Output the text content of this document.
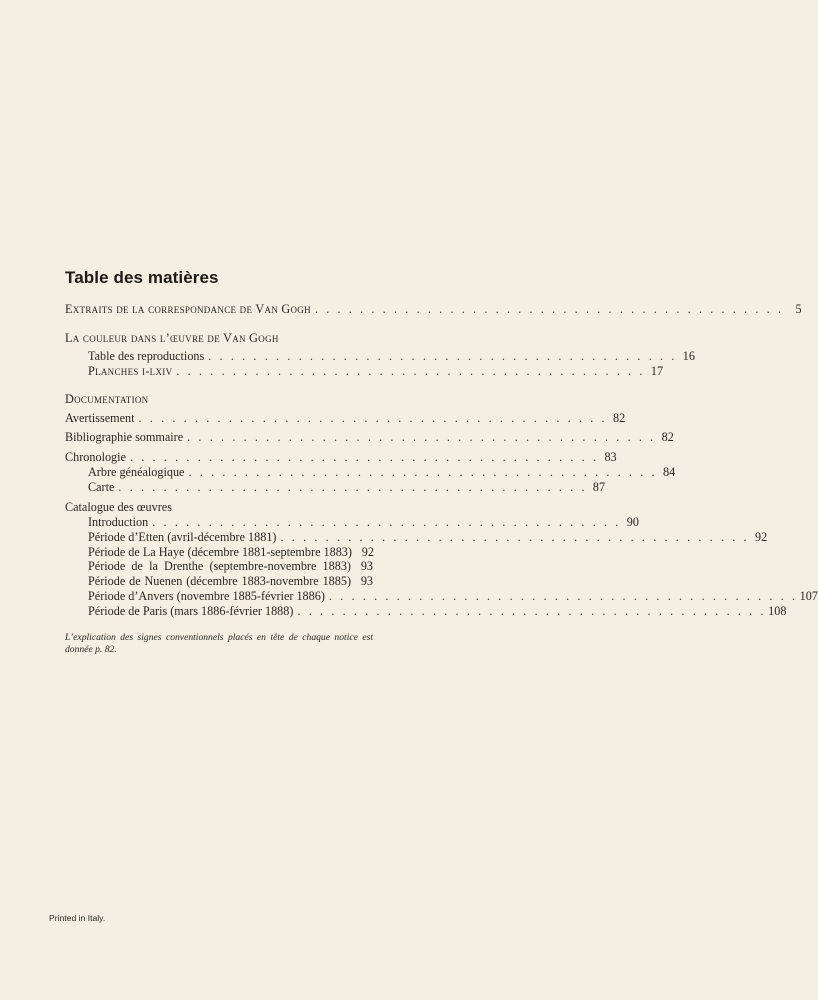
Table des matières
Extraits de la correspondance de Van Gogh . . . . . . . . . . . . . . . . . . . . . . . . . . . . . . . . . . . . . . . . . . 5
La couleur dans l’œuvre de Van Gogh
Table des reproductions . . . . . . . . . . . . . . . . . . . . . . . . . . . . . . . . . . . . . . . . . . 16
Planches i-lxiv . . . . . . . . . . . . . . . . . . . . . . . . . . . . . . . . . . . . . . . . . . 17
Documentation
Avertissement . . . . . . . . . . . . . . . . . . . . . . . . . . . . . . . . . . . . . . . . . . 82
Bibliographie sommaire . . . . . . . . . . . . . . . . . . . . . . . . . . . . . . . . . . . . . . . . . . 82
Chronologie . . . . . . . . . . . . . . . . . . . . . . . . . . . . . . . . . . . . . . . . . . 83
Arbre généalogique . . . . . . . . . . . . . . . . . . . . . . . . . . . . . . . . . . . . . . . . . . 84
Carte . . . . . . . . . . . . . . . . . . . . . . . . . . . . . . . . . . . . . . . . . . 87
Catalogue des œuvres
Introduction . . . . . . . . . . . . . . . . . . . . . . . . . . . . . . . . . . . . . . . . . . 90
Période d’Etten (avril-décembre 1881) . . . . . . . . . . . . . . . . . . . . . . . . . . . . . . . . . . . . . . . . . . 92
Période de La Haye (décembre 1881-septembre 1883) 92
Période de la Drenthe (septembre-novembre 1883) 93
Période de Nuenen (décembre 1883-novembre 1885) 93
Période d’Anvers (novembre 1885-février 1886) . . . . . . . . . . . . . . . . . . . . . . . . . . . . . . . . . . . . . . . . . . 107
Période de Paris (mars 1886-février 1888) . . . . . . . . . . . . . . . . . . . . . . . . . . . . . . . . . . . . . . . . . . 108
L’explication des signes conventionnels placés en tête de chaque notice est donnée p. 82.
Printed in Italy.
